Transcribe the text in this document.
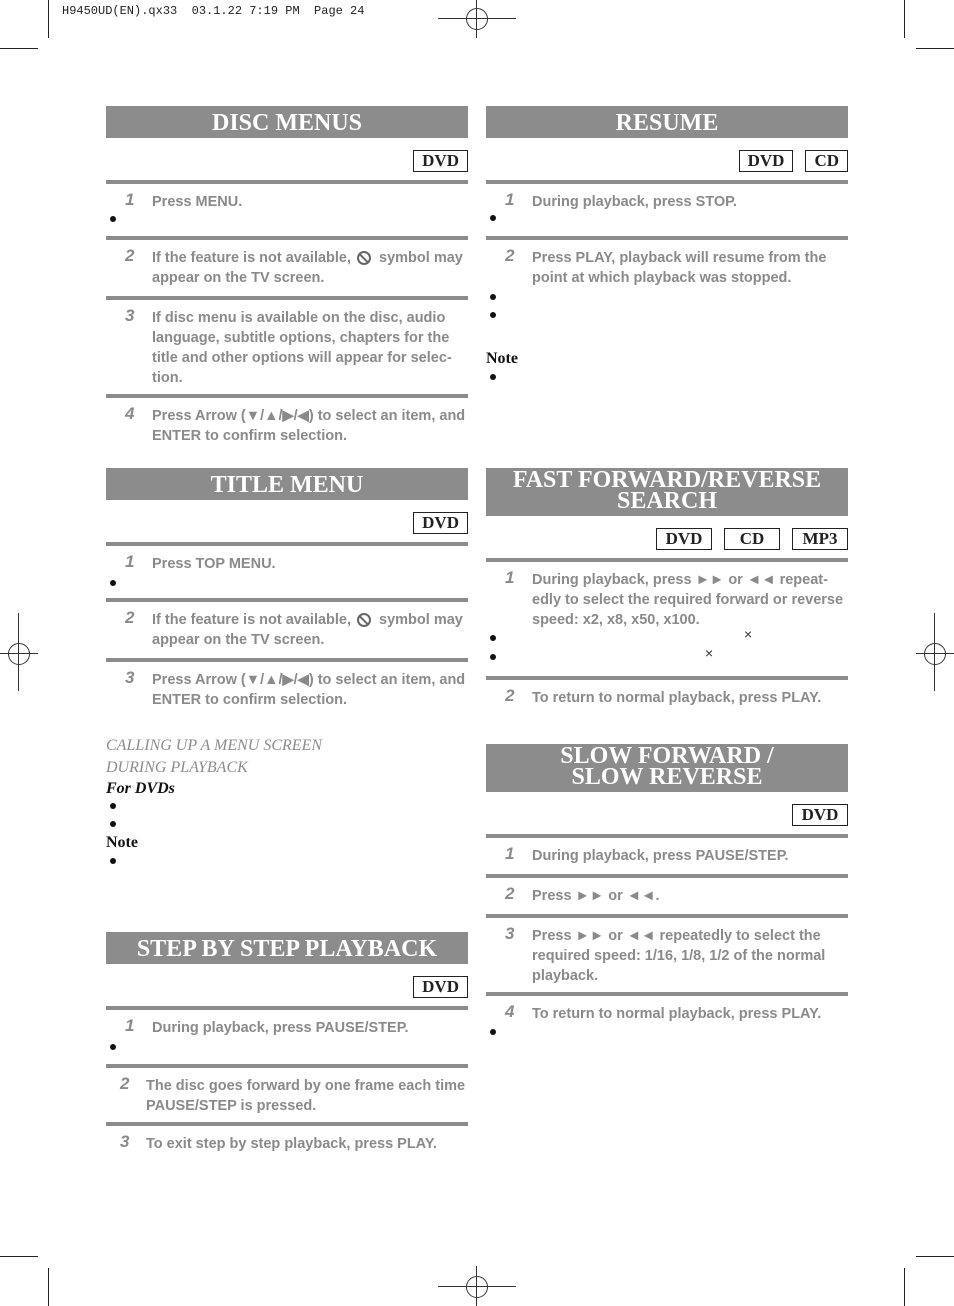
H9450UD(EN).qx33  03.1.22 7:19 PM  Page 24
DISC MENUS
DVD
1 Press MENU.
2 If the feature is not available, symbol may appear on the TV screen.
3 If disc menu is available on the disc, audio language, subtitle options, chapters for the title and other options will appear for selec-tion.
4 Press Arrow (▼/▲/▶/◀) to select an item, and ENTER to confirm selection.
TITLE MENU
DVD
1 Press TOP MENU.
2 If the feature is not available, symbol may appear on the TV screen.
3 Press Arrow (▼/▲/▶/◀) to select an item, and ENTER to confirm selection.
CALLING UP A MENU SCREEN
DURING PLAYBACK
For DVDs
Note
STEP BY STEP PLAYBACK
DVD
1 During playback, press PAUSE/STEP.
2 The disc goes forward by one frame each time PAUSE/STEP is pressed.
3 To exit step by step playback, press PLAY.
RESUME
DVD	CD
1 During playback, press STOP.
2 Press PLAY, playback will resume from the point at which playback was stopped.
Note
FAST FORWARD/REVERSE
SEARCH
DVD	CD	MP3
1 During playback, press ►► or ◄◄ repeat-edly to select the required forward or reverse speed: x2, x8, x50, x100.
×
×
2 To return to normal playback, press PLAY.
SLOW FORWARD /
SLOW REVERSE
DVD
1 During playback, press PAUSE/STEP.
2 Press ►► or ◄◄.
3 Press ►► or ◄◄ repeatedly to select the required speed: 1/16, 1/8, 1/2 of the normal playback.
4 To return to normal playback, press PLAY.
